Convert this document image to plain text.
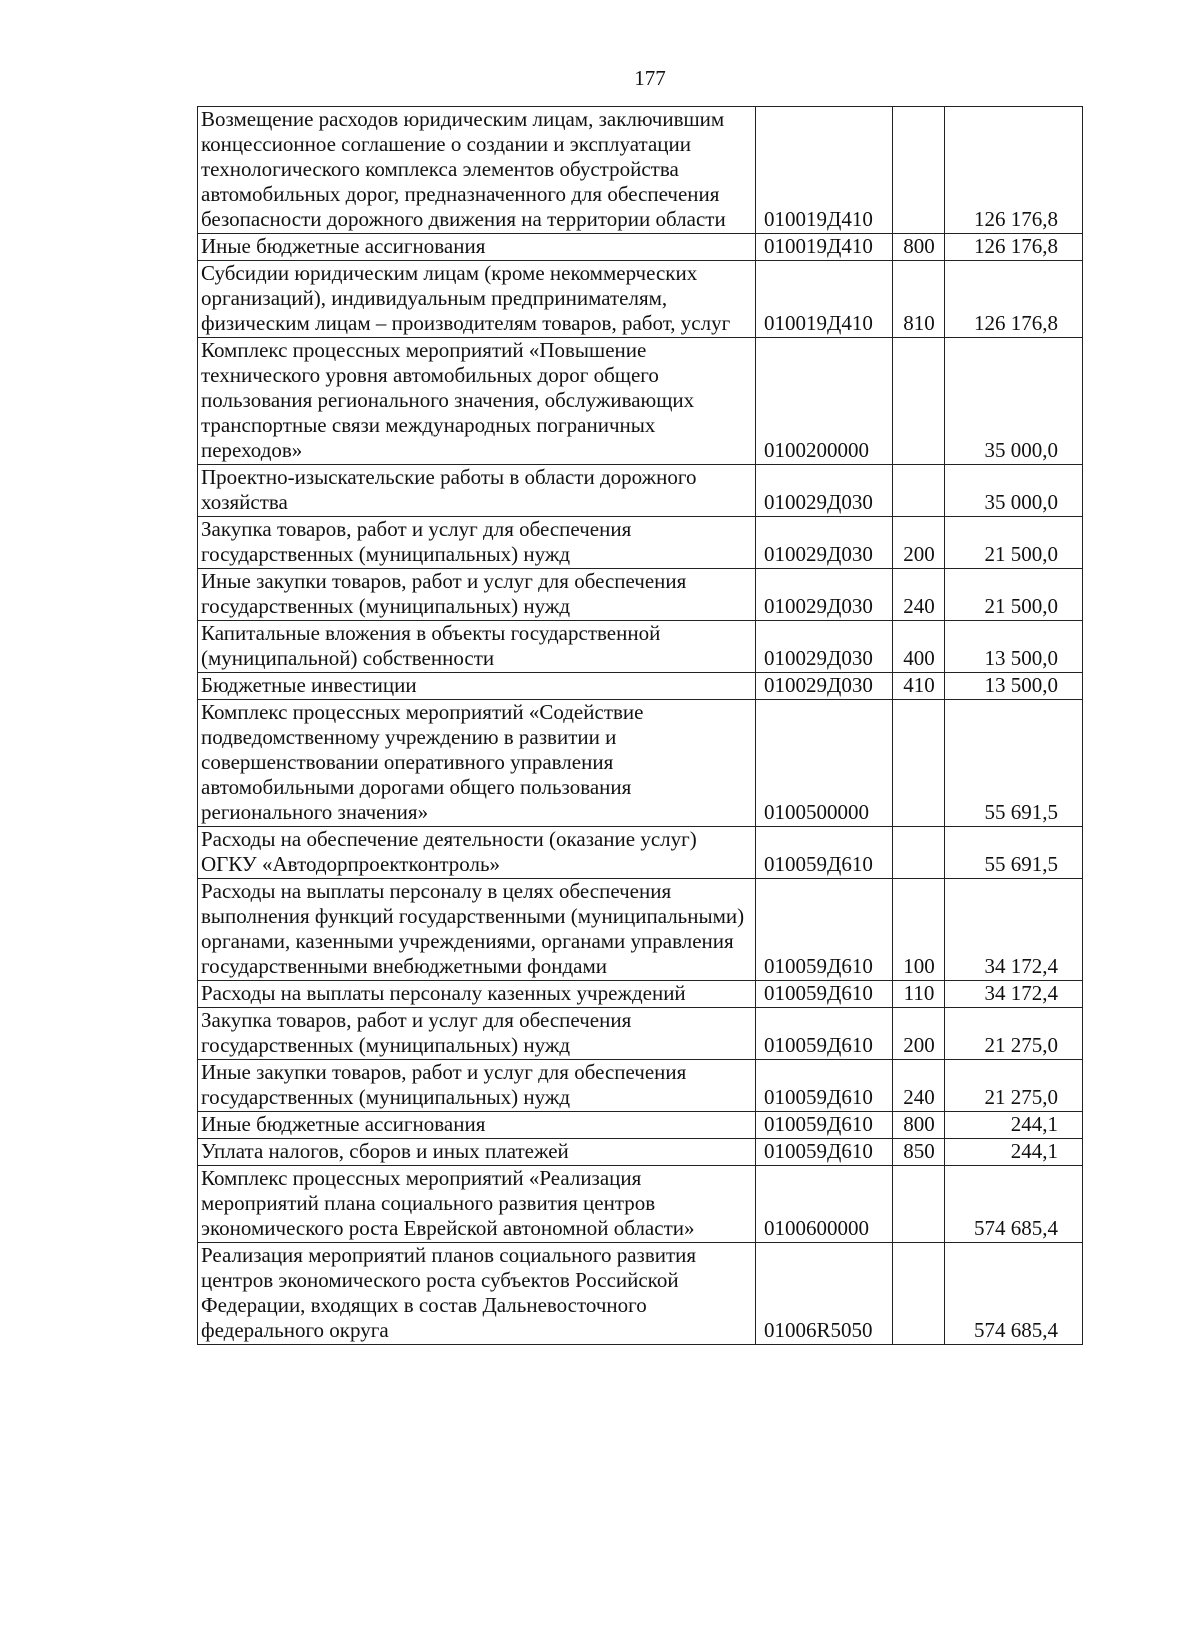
177
Возмещение расходов юридическим лицам, заключившим концессионное соглашение о создании и эксплуатации технологического комплекса элементов обустройства автомобильных дорог, предназначенного для обеспечения безопасности дорожного движения на территории области	010019Д410		126 176,8
Иные бюджетные ассигнования	010019Д410	800	126 176,8
Субсидии юридическим лицам (кроме некоммерческих организаций), индивидуальным предпринимателям, физическим лицам – производителям товаров, работ, услуг	010019Д410	810	126 176,8
Комплекс процессных мероприятий «Повышение технического уровня автомобильных дорог общего пользования регионального значения, обслуживающих транспортные связи международных пограничных переходов»	0100200000		35 000,0
Проектно-изыскательские работы в области дорожного хозяйства	010029Д030		35 000,0
Закупка товаров, работ и услуг для обеспечения государственных (муниципальных) нужд	010029Д030	200	21 500,0
Иные закупки товаров, работ и услуг для обеспечения государственных (муниципальных) нужд	010029Д030	240	21 500,0
Капитальные вложения в объекты государственной (муниципальной) собственности	010029Д030	400	13 500,0
Бюджетные инвестиции	010029Д030	410	13 500,0
Комплекс процессных мероприятий «Содействие подведомственному учреждению в развитии и совершенствовании оперативного управления автомобильными дорогами общего пользования регионального значения»	0100500000		55 691,5
Расходы на обеспечение деятельности (оказание услуг) ОГКУ «Автодорпроектконтроль»	010059Д610		55 691,5
Расходы на выплаты персоналу в целях обеспечения выполнения функций государственными (муниципальными) органами, казенными учреждениями, органами управления государственными внебюджетными фондами	010059Д610	100	34 172,4
Расходы на выплаты персоналу казенных учреждений	010059Д610	110	34 172,4
Закупка товаров, работ и услуг для обеспечения государственных (муниципальных) нужд	010059Д610	200	21 275,0
Иные закупки товаров, работ и услуг для обеспечения государственных (муниципальных) нужд	010059Д610	240	21 275,0
Иные бюджетные ассигнования	010059Д610	800	244,1
Уплата налогов, сборов и иных платежей	010059Д610	850	244,1
Комплекс процессных мероприятий «Реализация мероприятий плана социального развития центров экономического роста Еврейской автономной области»	0100600000		574 685,4
Реализация мероприятий планов социального развития центров экономического роста субъектов Российской Федерации, входящих в состав Дальневосточного федерального округа	01006R5050		574 685,4
